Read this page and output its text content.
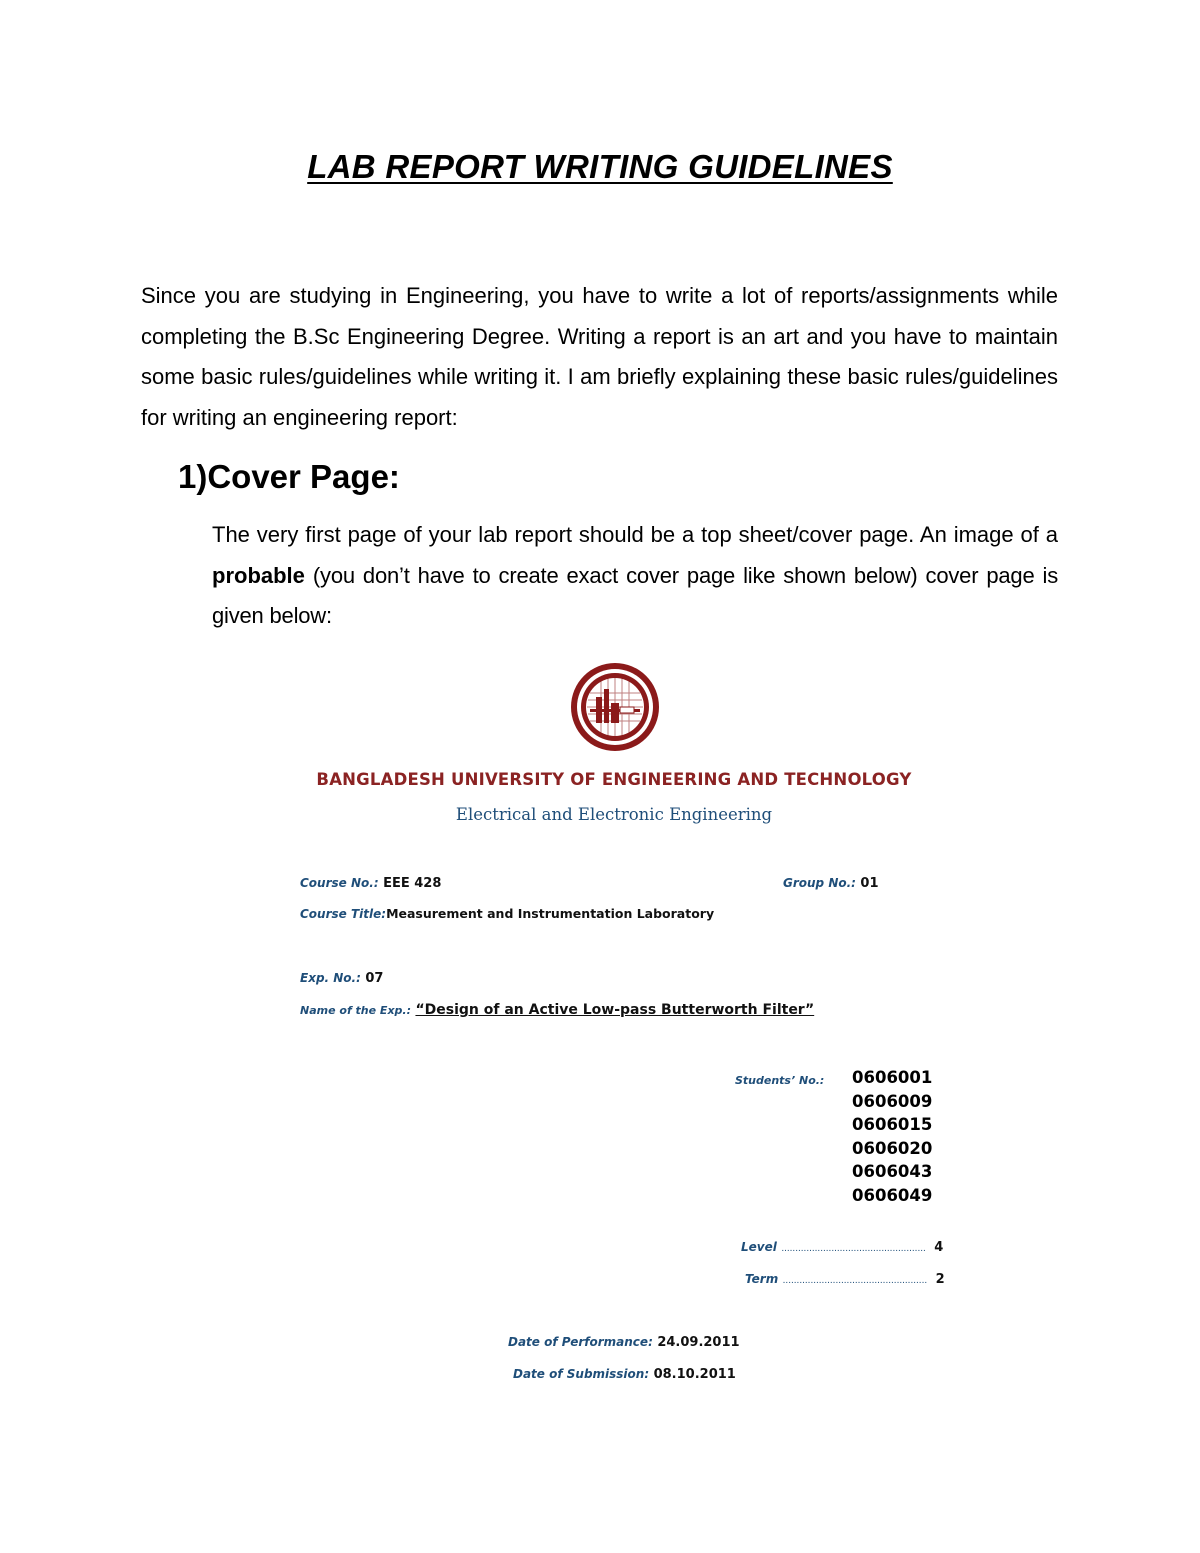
LAB REPORT WRITING GUIDELINES

Since you are studying in Engineering, you have to write a lot of reports/assignments while completing the B.Sc Engineering Degree. Writing a report is an art and you have to maintain some basic rules/guidelines while writing it. I am briefly explaining these basic rules/guidelines for writing an engineering report:

1)Cover Page:

The very first page of your lab report should be a top sheet/cover page. An image of a probable (you don’t have to create exact cover page like shown below) cover page is given below:

BANGLADESH UNIVERSITY OF ENGINEERING AND TECHNOLOGY
Electrical and Electronic Engineering
Course No.: EEE 428	Group No.: 01
Course Title:Measurement and Instrumentation Laboratory
Exp. No.: 07
Name of the Exp.: “Design of an Active Low-pass Butterworth Filter”
Students’ No.: 0606001
0606009
0606015
0606020
0606043
0606049
Level .................................................... 4
Term .................................................... 2
Date of Performance: 24.09.2011
Date of Submission: 08.10.2011
